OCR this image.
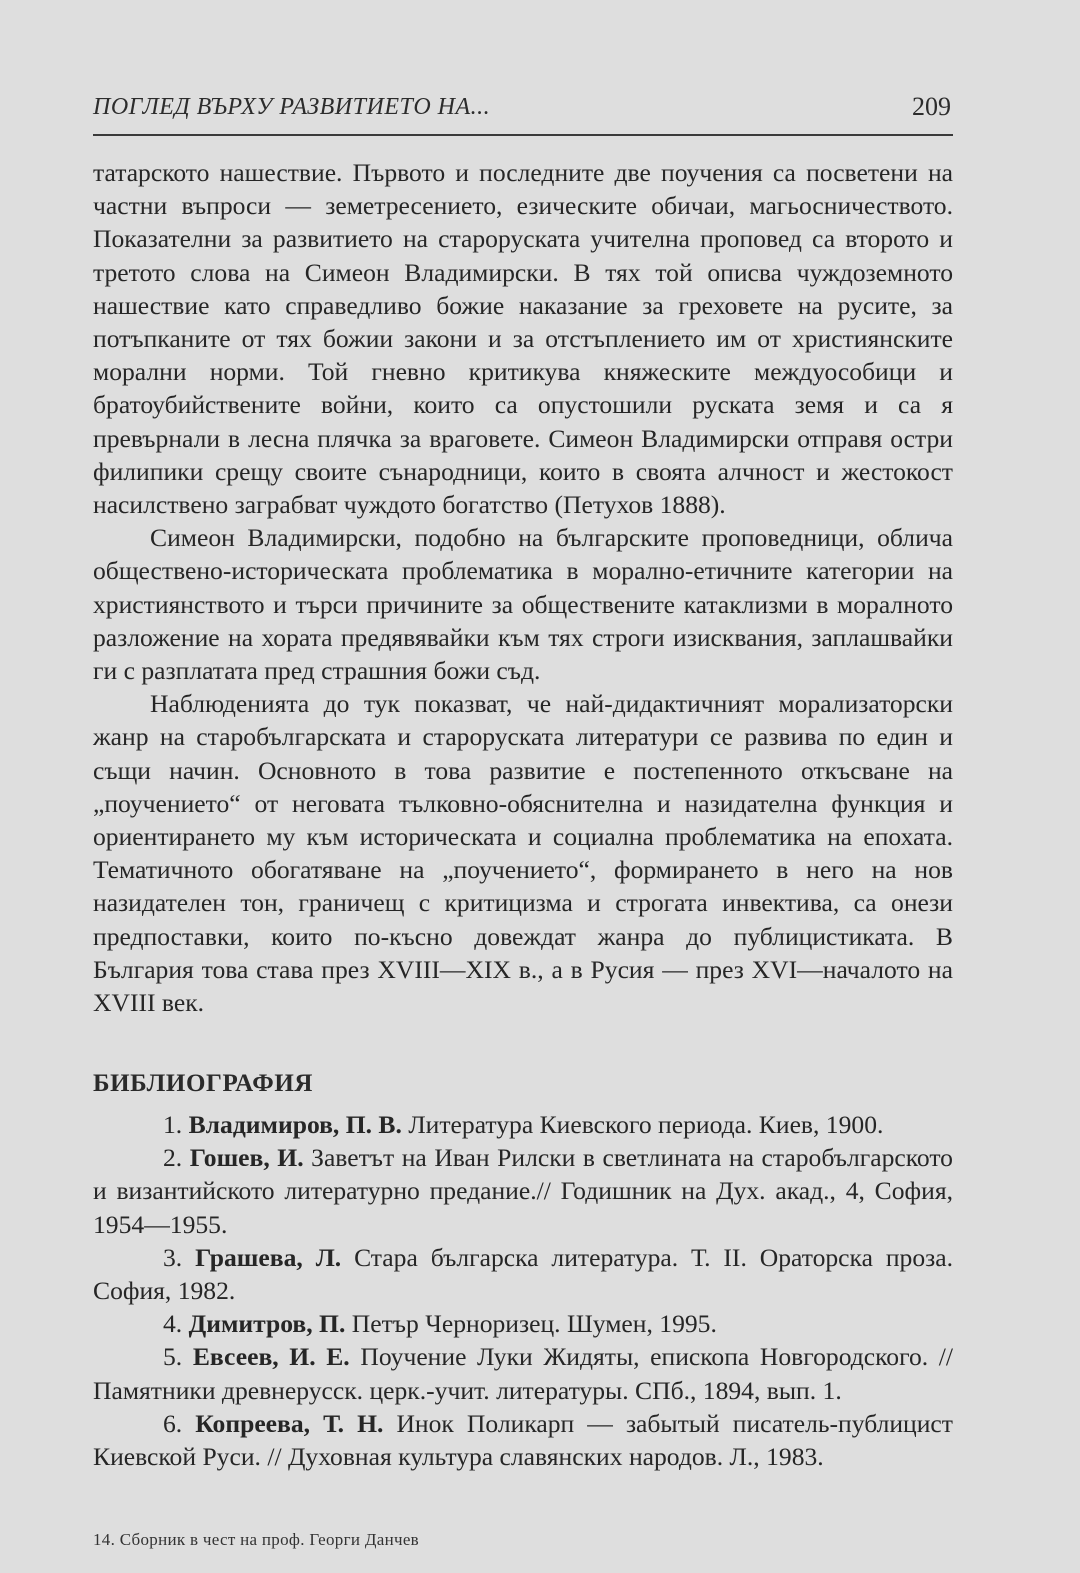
ПОГЛЕД ВЪРХУ РАЗВИТИЕТО НА...	209

татарското нашествие. Първото и последните две поучения са посветени на частни въпроси — земетресението, езическите обичаи, магьосничеството. Показателни за развитието на староруската учителна проповед са второто и третото слова на Симеон Владимирски. В тях той описва чуждоземното нашествие като справедливо божие наказание за греховете на русите, за потъпканите от тях божии закони и за отстъплението им от християнските морални норми. Той гневно критикува княжеските междуособици и братоубийствените войни, които са опустошили руската земя и са я превърнали в лесна плячка за враговете. Симеон Владимирски отправя остри филипики срещу своите сънародници, които в своята алчност и жестокост насилствено заграбват чуждото богатство (Петухов 1888).

Симеон Владимирски, подобно на българските проповедници, облича обществено-историческата проблематика в морално-етичните категории на християнството и търси причините за обществените катаклизми в моралното разложение на хората предявявайки към тях строги изисквания, заплашвайки ги с разплатата пред страшния божи съд.

Наблюденията до тук показват, че най-дидактичният морализаторски жанр на старобългарската и староруската литератури се развива по един и същи начин. Основното в това развитие е постепенното откъсване на „поучението“ от неговата тълковно-обяснителна и назидателна функция и ориентирането му към историческата и социална проблематика на епохата. Тематичното обогатяване на „поучението“, формирането в него на нов назидателен тон, граничещ с критицизма и строгата инвектива, са онези предпоставки, които по-късно довеждат жанра до публицистиката. В България това става през XVIII—XIX в., а в Русия — през XVI—началото на XVIII век.

БИБЛИОГРАФИЯ

1. Владимиров, П. В. Литература Киевского периода. Киев, 1900.

2. Гошев, И. Заветът на Иван Рилски в светлината на старобългарското и византийското литературно предание.// Годишник на Дух. акад., 4, София, 1954—1955.

3. Грашева, Л. Стара българска литература. Т. II. Ораторска проза. София, 1982.

4. Димитров, П. Петър Черноризец. Шумен, 1995.

5. Евсеев, И. Е. Поучение Луки Жидяты, епископа Новгородского. //Памятники древнерусск. церк.-учит. литературы. СПб., 1894, вып. 1.

6. Копреева, Т. Н. Инок Поликарп — забытый писатель-публицист Киевской Руси. // Духовная культура славянских народов. Л., 1983.

14. Сборник в чест на проф. Георги Данчев
